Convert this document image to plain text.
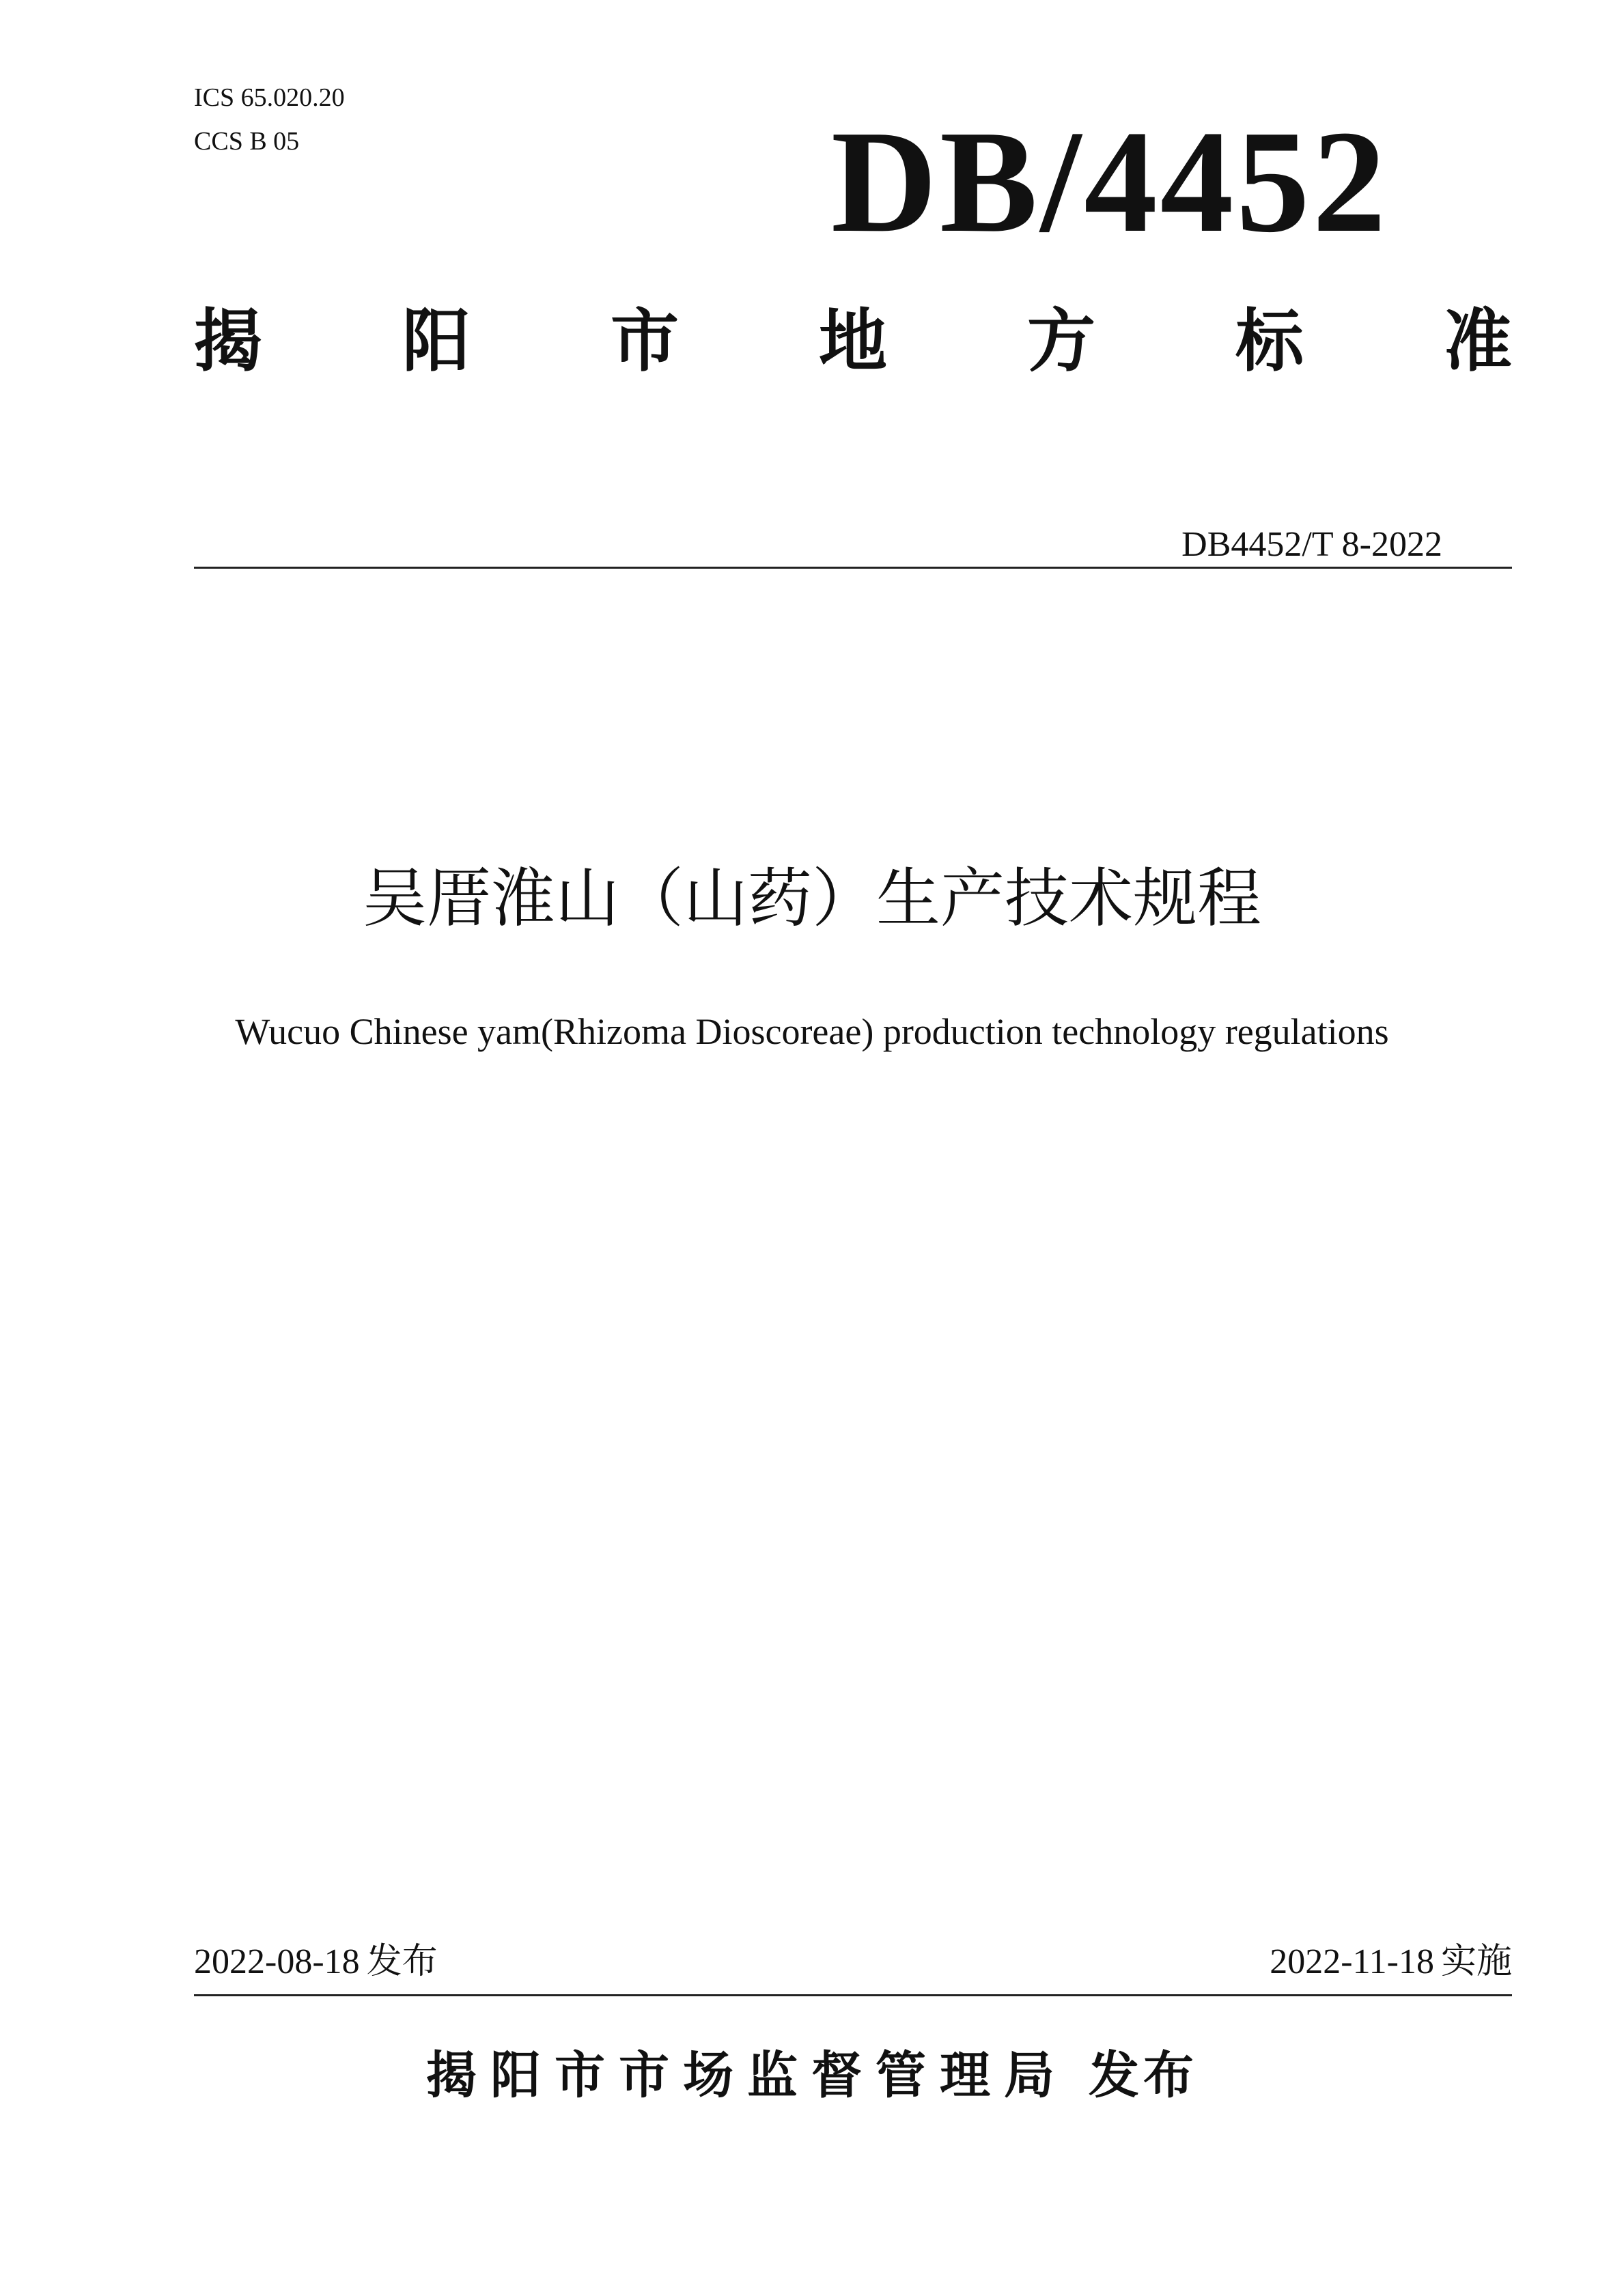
ICS 65.020.20
CCS B 05	DB/4452
揭 阳 市 地 方 标 准
DB4452/T 8-2022
吴厝淮山（山药）生产技术规程
Wucuo Chinese yam(Rhizoma Dioscoreae) production technology regulations
2022-08-18 发布	2022-11-18 实施
揭阳市市场监督管理局 发布
